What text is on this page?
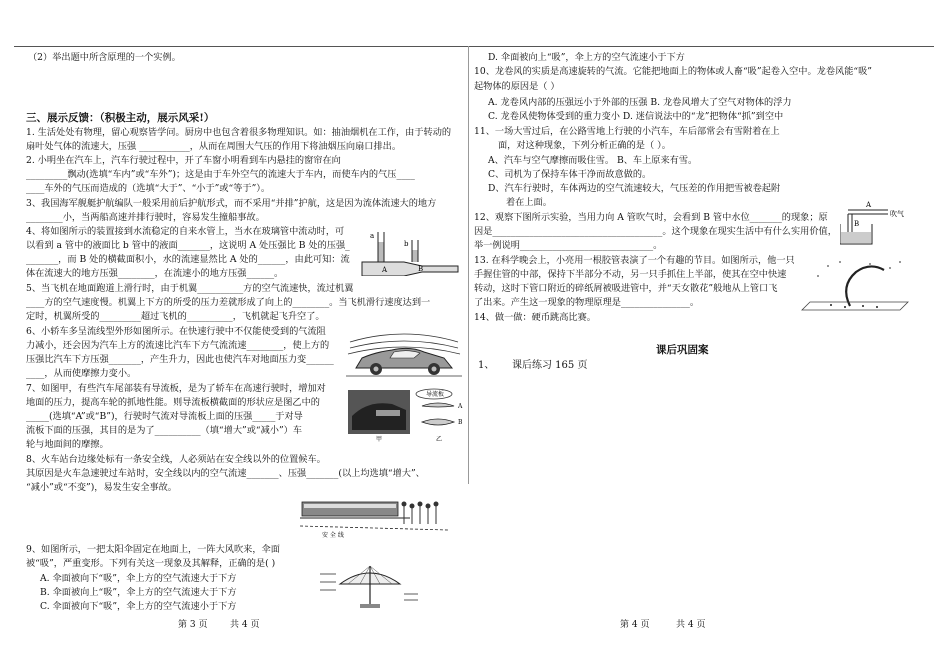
（2）举出题中所含原理的一个实例。
三、展示反馈：（积极主动，展示风采!）
1. 生活处处有物理，留心观察皆学问。厨房中也包含着很多物理知识。如：抽油烟机在工作，由于转动的
扇叶处气体的流速大，压强 ___________，从而在周围大气压的作用下将油烟压向扇口排出。
2. 小明坐在汽车上，汽车行驶过程中，开了车窗小明看到车内悬挂的窗帘在向
_________飘动(选填“车内”或“车外”)；这是由于车外空气的流速大于车内，而使车内的气压____
____车外的气压而造成的（选填“大于”、“小于”或“等于”）。
3、我国海军舰艇护航编队一般采用前后护航形式，而不采用“并排”护航，这是因为流体流速大的地方
________小，当两船高速并排行驶时，容易发生撞船事故。
4、将如图所示的装置接到水流稳定的自来水管上，当水在玻璃管中流动时，可
以看到 a 管中的液面比 b 管中的液面_______，这说明 A 处压强比 B 处的压强_
_______，而 B 处的横截面积小，水的流速显然比 A 处的______，由此可知：流
体在流速大的地方压强________，在流速小的地方压强______。
5、当飞机在地面跑道上滑行时，由于机翼__________方的空气流速快，流过机翼
____方的空气速度慢。机翼上下方的所受的压力差就形成了向上的________。当飞机滑行速度达到一
定时，机翼所受的_________超过飞机的__________，飞机就起飞升空了。
6、小轿车多呈流线型外形如图所示。在快速行驶中不仅能使受到的气流阻
力减小，还会因为汽车上方的流速比汽车下方气流流速________，使上方的
压强比汽车下方压强_______，产生升力，因此也使汽车对地面压力变______
____，从而使摩擦力变小。
7、如图甲，有些汽车尾部装有导流板，是为了轿车在高速行驶时，增加对
地面的压力，提高车轮的抓地性能。则导流板横截面的形状应是图乙中的
_____(选填“A”或“B”)，行驶时气流对导流板上面的压强_____于对导
流板下面的压强，其目的是为了__________（填“增大”或“减小”）车
轮与地面间的摩擦。
8、火车站台边缘处标有一条安全线，人必须站在安全线以外的位置候车。
其原因是火车急速驶过车站时，安全线以内的空气流速_______、压强_______(以上均选填“增大”、
“减小”或“不变”)，易发生安全事故。
9、如图所示，一把太阳伞固定在地面上，一阵大风吹来，伞面
被“吸”，严重变形。下列有关这一现象及其解释，正确的是( )
A. 伞面被向下“吸”，伞上方的空气流速大于下方
B. 伞面被向上“吸”，伞上方的空气流速大于下方
C. 伞面被向下“吸”，伞上方的空气流速小于下方
第 3 页	共 4 页
a
b
A	B
导流板
A
B
甲	乙
安 全 线
D. 伞面被向上“吸”，伞上方的空气流速小于下方
10、龙卷风的实质是高速旋转的气流。它能把地面上的物体或人畜“吸”起卷入空中。龙卷风能“吸”
起物体的原因是（ ）
A. 龙卷风内部的压强远小于外部的压强 B. 龙卷风增大了空气对物体的浮力
C. 龙卷风使物体受到的重力变小 D. 迷信说法中的“龙”把物体“抓”到空中
11、一场大雪过后，在公路雪地上行驶的小汽车，车后部常会有雪附着在上
面，对这种现象，下列分析正确的是（ ）。
A、汽车与空气摩擦而吸住雪。 B、车上原来有雪。
C、司机为了保持车体干净而故意做的。
D、汽车行驶时，车体两边的空气流速较大，气压差的作用把雪被卷起附
着在上面。
12、观察下图所示实验，当用力向 A 管吹气时，会看到 B 管中水位_______的现象；原
因是_____________________________________。这个现象在现实生活中有什么实用价值，
举一例说明_____________________________。
13. 在科学晚会上，小亮用一根胶管表演了一个有趣的节目。如图所示，他一只
手握住管的中部，保持下半部分不动，另一只手抓住上半部，使其在空中快速
转动，这时下管口附近的碎纸屑被吸进管中，并“天女散花”般地从上管口飞
了出来。产生这一现象的物理原理是_______________。
14、做一做：硬币跳高比赛。
课后巩固案
1、 课后练习 165 页
第 4 页	共 4 页
A
吹气
B
